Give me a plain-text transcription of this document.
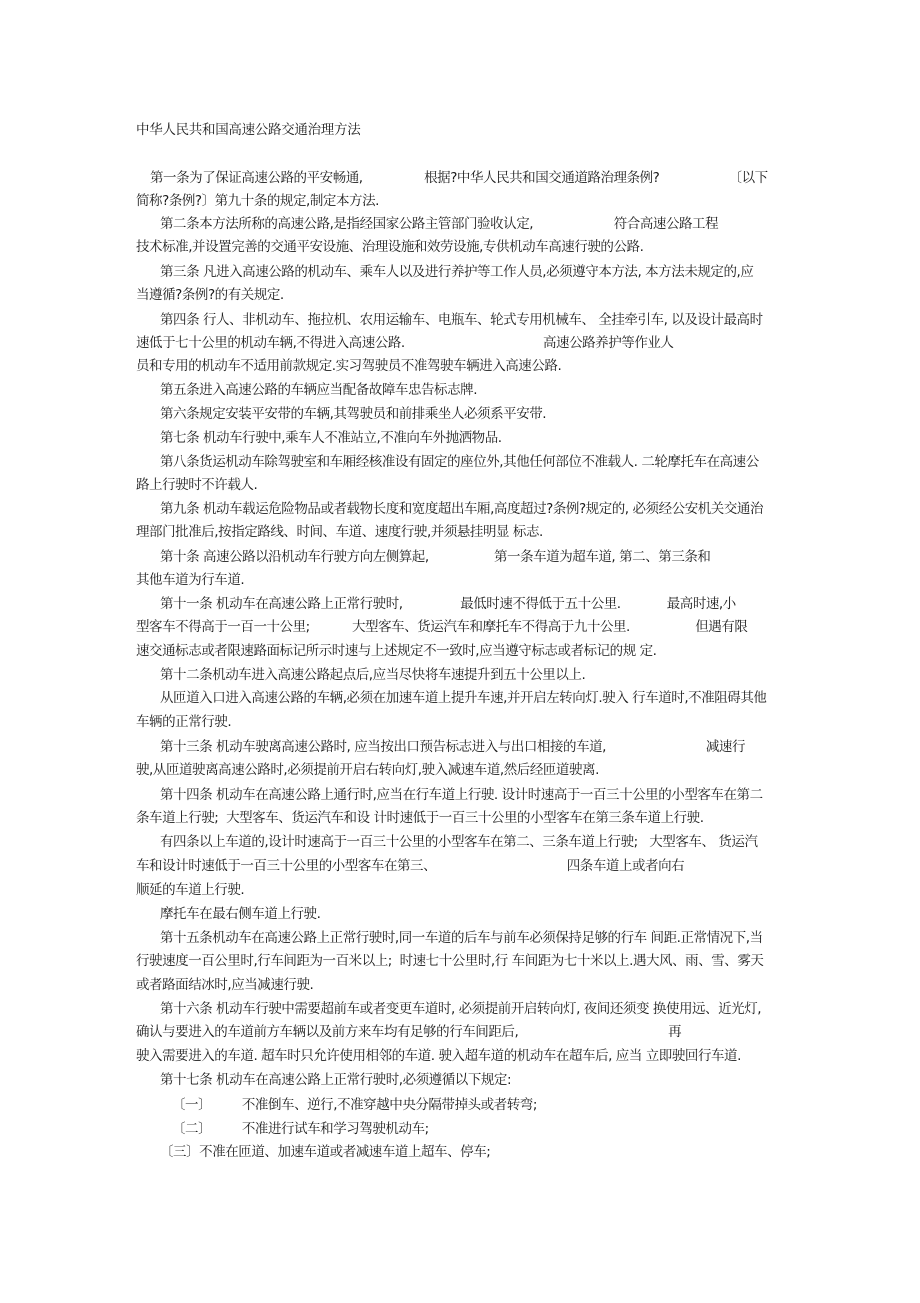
中华人民共和国高速公路交通治理方法
第一条为了保证高速公路的平安畅通,                根据?中华人民共和国交通道路治理条例?                  〔以下
简称?条例?〕第九十条的规定,制定本方法.
第二条本方法所称的高速公路,是指经国家公路主管部门验收认定,                     符合高速公路工程
技术标准,并设置完善的交通平安设施、治理设施和效劳设施,专供机动车高速行驶的公路.
第三条 凡进入高速公路的机动车、乘车人以及进行养护等工作人员,必须遵守本方法, 本方法未规定的,应
当遵循?条例?的有关规定.
第四条 行人、非机动车、拖拉机、农用运输车、电瓶车、轮式专用机械车、 全挂牵引车, 以及设计最高时
速低于七十公里的机动车辆,不得进入高速公路.                                    高速公路养护等作业人
员和专用的机动车不适用前款规定.实习驾驶员不准驾驶车辆进入高速公路.
第五条进入高速公路的车辆应当配备故障车忠告标志牌.
第六条规定安装平安带的车辆,其驾驶员和前排乘坐人必须系平安带.
第七条 机动车行驶中,乘车人不准站立,不准向车外抛洒物品.
第八条货运机动车除驾驶室和车厢经核准设有固定的座位外,其他任何部位不准载人. 二轮摩托车在高速公
路上行驶时不许载人.
第九条 机动车载运危险物品或者载物长度和宽度超出车厢,高度超过?条例?规定的, 必须经公安机关交通治
理部门批准后,按指定路线、时间、车道、速度行驶,并须悬挂明显 标志.
第十条 高速公路以沿机动车行驶方向左侧算起,                 第一条车道为超车道, 第二、第三条和
其他车道为行车道.
第十一条 机动车在高速公路上正常行驶时,               最低时速不得低于五十公里.            最高时速,小
型客车不得高于一百一十公里;           大型客车、货运汽车和摩托车不得高于九十公里.                 但遇有限
速交通标志或者限速路面标记所示时速与上述规定不一致时,应当遵守标志或者标记的规 定.
第十二条机动车进入高速公路起点后,应当尽快将车速提升到五十公里以上.
从匝道入口进入高速公路的车辆,必须在加速车道上提升车速,并开启左转向灯.驶入 行车道时,不准阻碍其他
车辆的正常行驶.
第十三条 机动车驶离高速公路时, 应当按出口预告标志进入与出口相接的车道,                          减速行
驶,从匝道驶离高速公路时,必须提前开启右转向灯,驶入减速车道,然后经匝道驶离.
第十四条 机动车在高速公路上通行时,应当在行车道上行驶. 设计时速高于一百三十公里的小型客车在第二
条车道上行驶;  大型客车、货运汽车和设 计时速低于一百三十公里的小型客车在第三条车道上行驶.
有四条以上车道的,设计时速高于一百三十公里的小型客车在第二、三条车道上行驶;   大型客车、 货运汽
车和设计时速低于一百三十公里的小型客车在第三、                                  四条车道上或者向右
顺延的车道上行驶.
摩托车在最右侧车道上行驶.
第十五条机动车在高速公路上正常行驶时,同一车道的后车与前车必须保持足够的行车 间距.正常情况下,当
行驶速度一百公里时,行车间距为一百米以上;  时速七十公里时,行 车间距为七十米以上.遇大风、雨、雪、雾天
或者路面结冰时,应当减速行驶.
第十六条 机动车行驶中需要超前车或者变更车道时, 必须提前开启转向灯, 夜间还须变 换使用远、近光灯,
确认与要进入的车道前方车辆以及前方来车均有足够的行车间距后,                                       再
驶入需要进入的车道. 超车时只允许使用相邻的车道. 驶入超车道的机动车在超车后, 应当 立即驶回行车道.
第十七条 机动车在高速公路上正常行驶时,必须遵循以下规定:
〔一〕        不准倒车、逆行,不准穿越中央分隔带掉头或者转弯;
〔二〕        不准进行试车和学习驾驶机动车;
〔三〕不准在匝道、加速车道或者减速车道上超车、停车;
